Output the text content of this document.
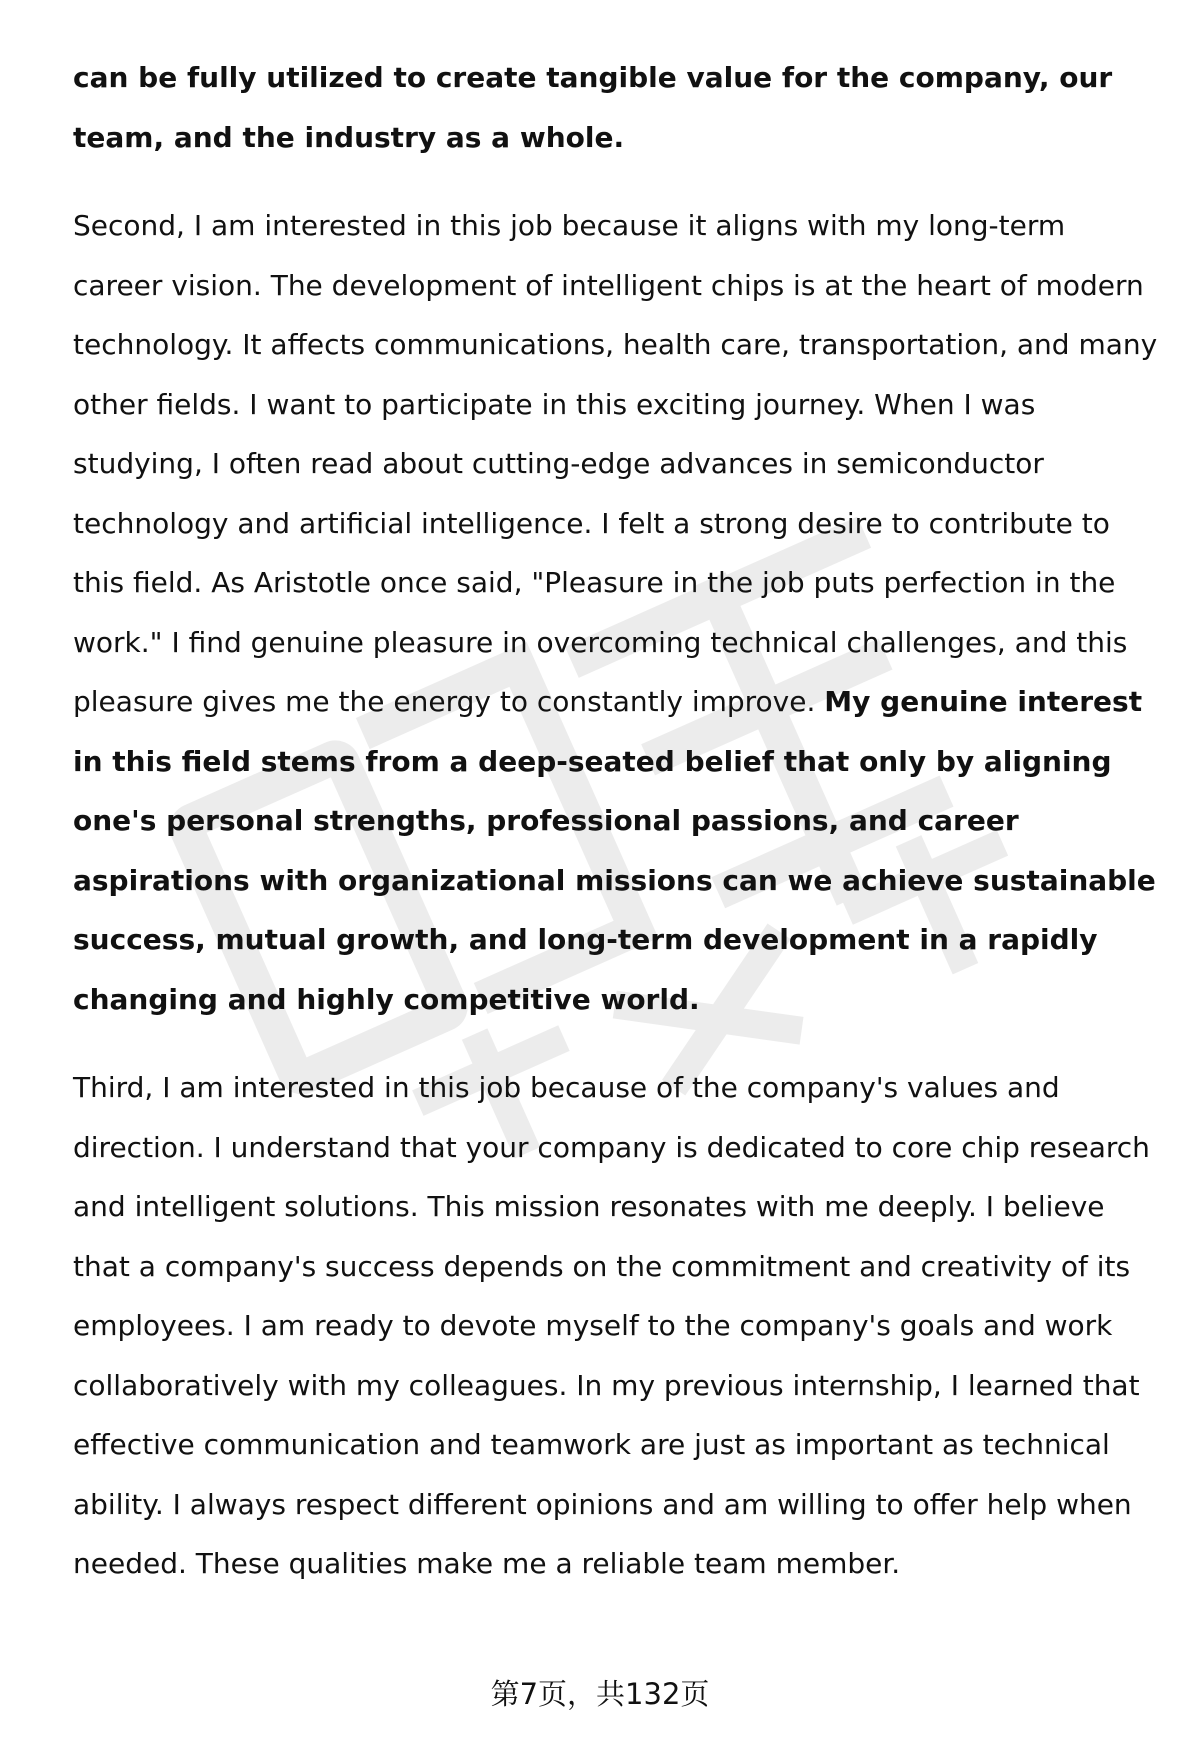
can be fully utilized to create tangible value for the company, our team, and the industry as a whole.

Second, I am interested in this job because it aligns with my long-term career vision. The development of intelligent chips is at the heart of modern technology. It affects communications, health care, transportation, and many other fields. I want to participate in this exciting journey. When I was studying, I often read about cutting-edge advances in semiconductor technology and artificial intelligence. I felt a strong desire to contribute to this field. As Aristotle once said, "Pleasure in the job puts perfection in the work." I find genuine pleasure in overcoming technical challenges, and this pleasure gives me the energy to constantly improve. My genuine interest in this field stems from a deep-seated belief that only by aligning one's personal strengths, professional passions, and career aspirations with organizational missions can we achieve sustainable success, mutual growth, and long-term development in a rapidly changing and highly competitive world.

Third, I am interested in this job because of the company's values and direction. I understand that your company is dedicated to core chip research and intelligent solutions. This mission resonates with me deeply. I believe that a company's success depends on the commitment and creativity of its employees. I am ready to devote myself to the company's goals and work collaboratively with my colleagues. In my previous internship, I learned that effective communication and teamwork are just as important as technical ability. I always respect different opinions and am willing to offer help when needed. These qualities make me a reliable team member.

第7页，共132页
